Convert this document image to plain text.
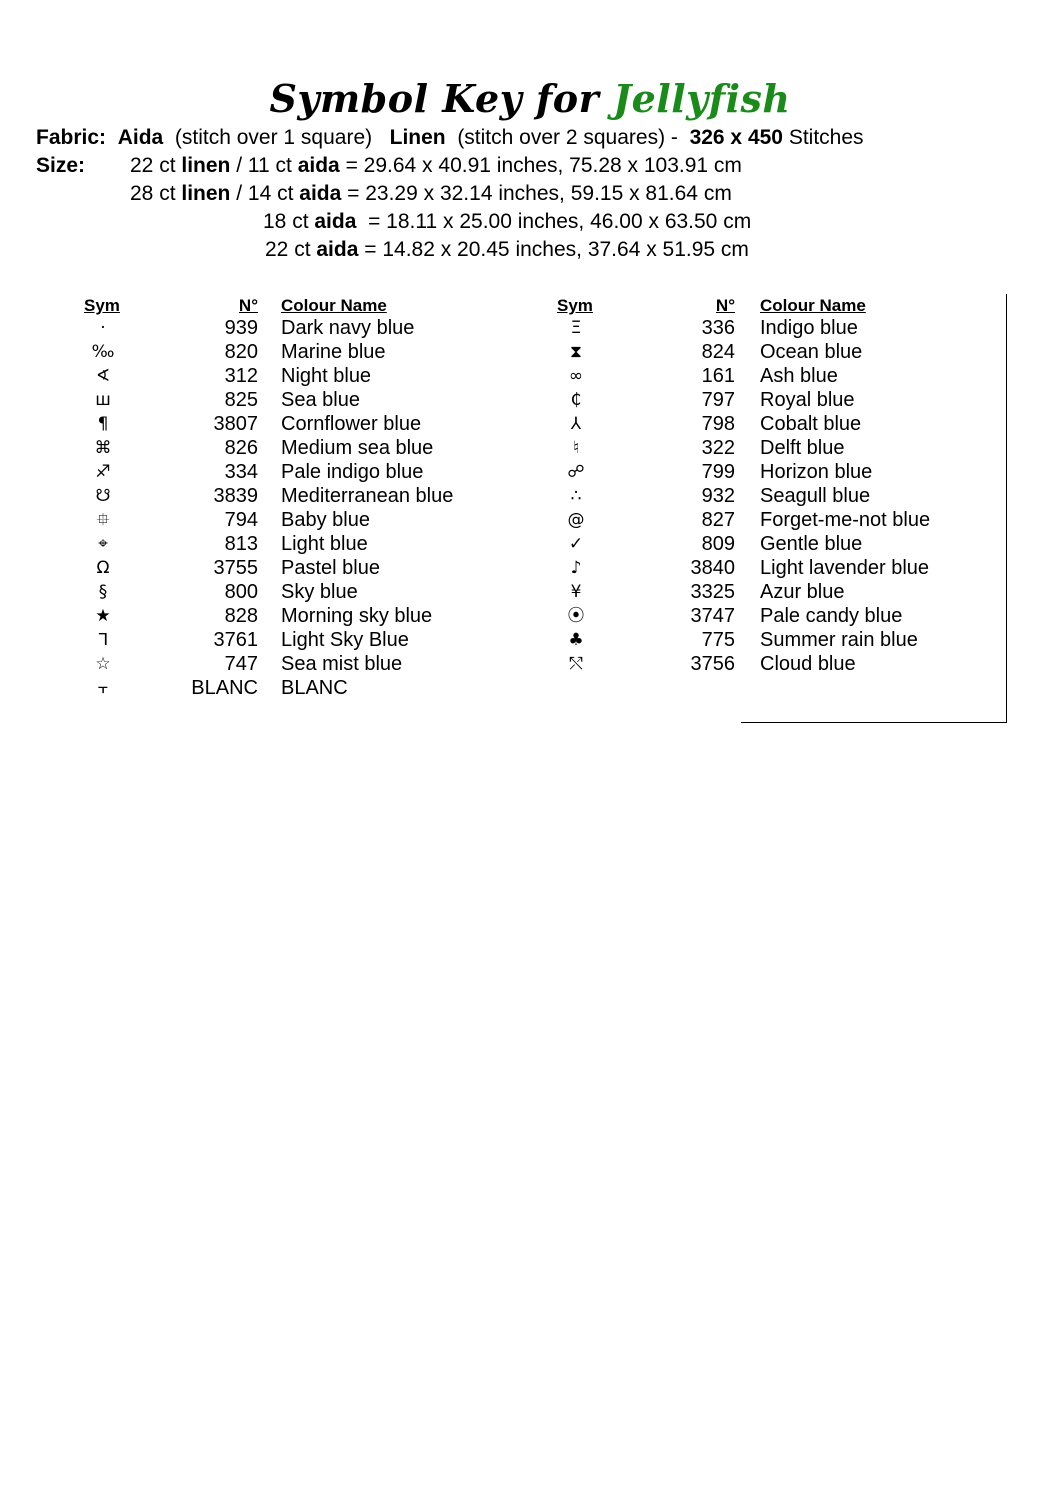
Symbol Key for Jellyfish
Fabric: Aida (stitch over 1 square) Linen (stitch over 2 squares) - 326 x 450 Stitches
Size: 22 ct linen / 11 ct aida = 29.64 x 40.91 inches, 75.28 x 103.91 cm
28 ct linen / 14 ct aida = 23.29 x 32.14 inches, 59.15 x 81.64 cm
18 ct aida  = 18.11 x 25.00 inches, 46.00 x 63.50 cm
22 ct aida = 14.82 x 20.45 inches, 37.64 x 51.95 cm
Sym	N° Colour Name	Sym	N° Colour Name
·	939 Dark navy blue
‰	820 Marine blue
∢	312 Night blue
ш	825 Sea blue
¶	3807 Cornflower blue
⌘	826 Medium sea blue
♐	334 Pale indigo blue
☋	3839 Mediterranean blue
⯐	794 Baby blue
⌖	813 Light blue
Ω	3755 Pastel blue
§	800 Sky blue
★	828 Morning sky blue
ᒣ	3761 Light Sky Blue
☆	747 Sea mist blue
⫟	BLANC BLANC
Ξ	336 Indigo blue
⧗	824 Ocean blue
∞	161 Ash blue
₵	797 Royal blue
⅄	798 Cobalt blue
♮	322 Delft blue
☍	799 Horizon blue
∴	932 Seagull blue
@	827 Forget-me-not blue
✓	809 Gentle blue
♪	3840 Light lavender blue
¥	3325 Azur blue
⦿	3747 Pale candy blue
♣	775 Summer rain blue
⤲	3756 Cloud blue
